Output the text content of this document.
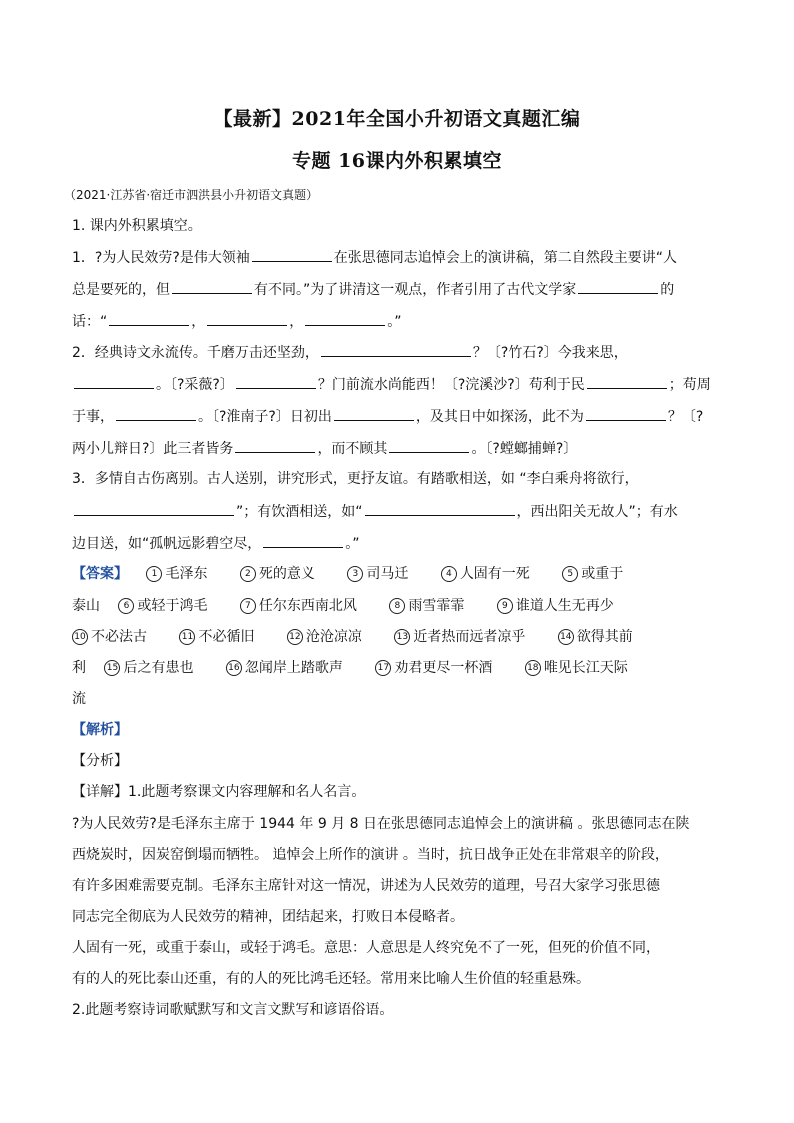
【最新】2021年全国小升初语文真题汇编
专题 16课内外积累填空
（2021·江苏省·宿迁市泗洪县小升初语文真题）
1. 课内外积累填空。
1．?为人民效劳?是伟大领袖	在张思德同志追悼会上的演讲稿，第二自然段主要讲“人
总是要死的，但	有不同。”为了讲清这一观点，作者引用了古代文学家	的
话：“	，	，	。”
2．经典诗文永流传。千磨万击还坚劲，	？〔?竹石?〕今我来思，
。〔?采薇?〕	？门前流水尚能西！〔?浣溪沙?〕苟利于民	；苟周
于事，	。〔?淮南子?〕日初出	，及其日中如探汤，此不为	？〔?
两小儿辩日?〕此三者皆务	，而不顾其	。〔?螳螂捕蝉?〕
3．多情自古伤离别。古人送别，讲究形式，更抒友谊。有踏歌相送，如 “李白乘舟将欲行，
”；有饮酒相送，如“	，西出阳关无故人”；有水
边目送，如“孤帆远影碧空尽，	。”
【答案】	1 毛泽东	2 死的意义	3 司马迁	4 人固有一死	5 或重于
泰山	6 或轻于鸿毛	7 任尔东西南北风	8 雨雪霏霏	9 谁道人生无再少
10 不必法古	11 不必循旧	12 沧沧凉凉	13 近者热而远者凉乎	14 欲得其前
利 15 后之有患也	16 忽闻岸上踏歌声	17 劝君更尽一杯酒	18 唯见长江天际
流
【解析】
【分析】
【详解】1.此题考察课文内容理解和名人名言。
?为人民效劳?是毛泽东主席于 1944 年 9 月 8 日在张思德同志追悼会上的演讲稿 。张思德同志在陕
西烧炭时，因炭窑倒塌而牺牲。 追悼会上所作的演讲 。当时，抗日战争正处在非常艰辛的阶段，
有许多困难需要克制。毛泽东主席针对这一情况，讲述为人民效劳的道理，号召大家学习张思德
同志完全彻底为人民效劳的精神，团结起来，打败日本侵略者。
人固有一死，或重于泰山，或轻于鸿毛。意思：人意思是人终究免不了一死，但死的价值不同，
有的人的死比泰山还重，有的人的死比鸿毛还轻。常用来比喻人生价值的轻重悬殊。
2.此题考察诗词歌赋默写和文言文默写和谚语俗语。
